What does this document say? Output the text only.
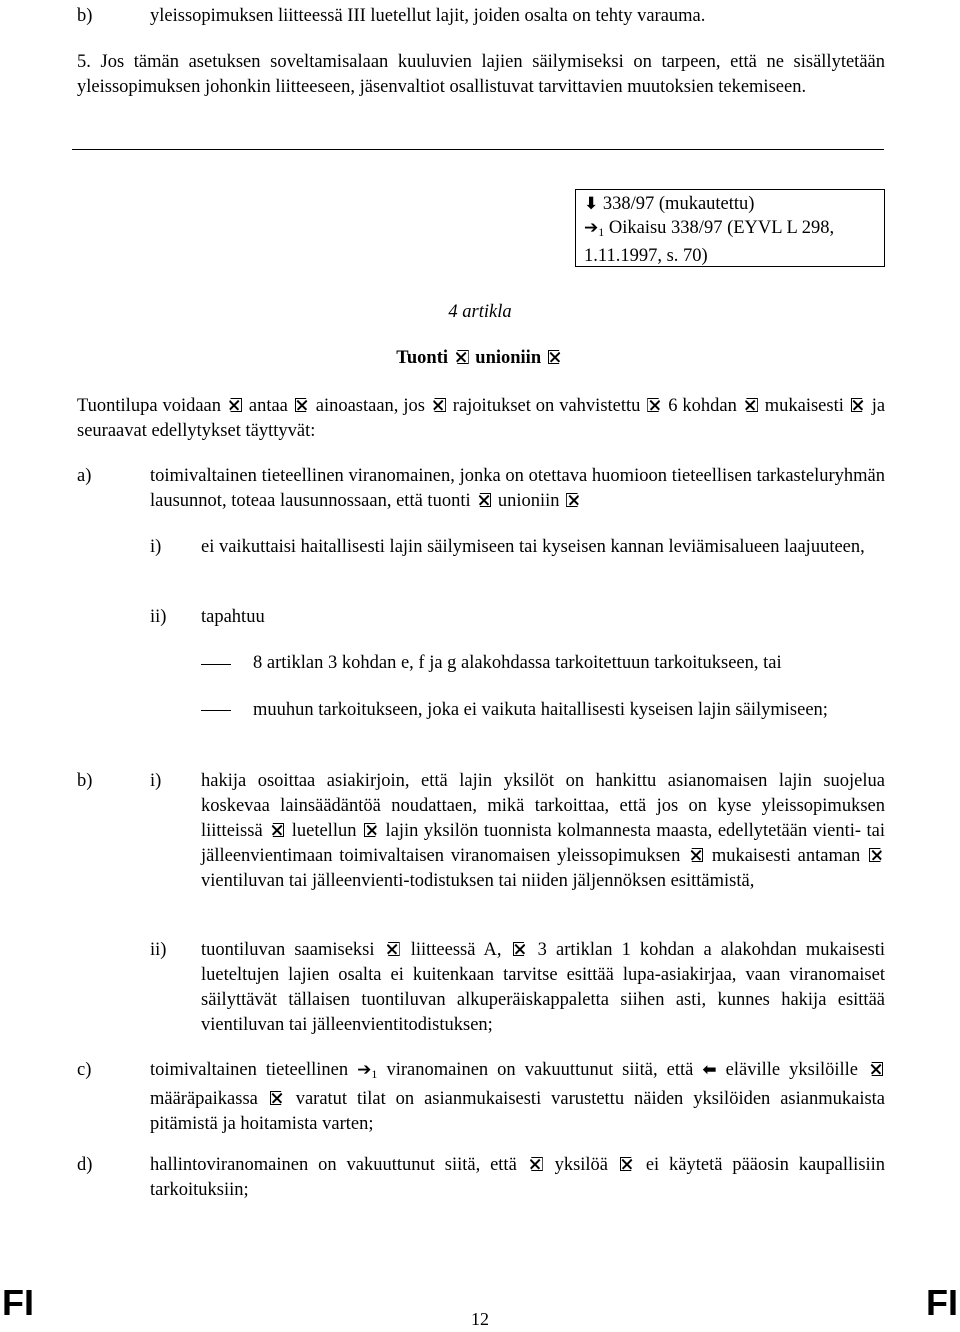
b)	yleissopimuksen liitteessä III luetellut lajit, joiden osalta on tehty varauma.
5. Jos tämän asetuksen soveltamisalaan kuuluvien lajien säilymiseksi on tarpeen, että ne sisällytetään yleissopimuksen johonkin liitteeseen, jäsenvaltiot osallistuvat tarvittavien muutoksien tekemiseen.
⬇ 338/97 (mukautettu)
$➔_1$ Oikaisu 338/97 (EYVL L 298,
1.11.1997, s. 70)
4 artikla
Tuonti unioniin
Tuontilupa voidaan antaa ainoastaan, jos rajoitukset on vahvistettu 6 kohdan mukaisesti ja seuraavat edellytykset täyttyvät:
a)	toimivaltainen tieteellinen viranomainen, jonka on otettava huomioon tieteellisen tarkasteluryhmän lausunnot, toteaa lausunnossaan, että tuonti unioniin
i) ei vaikuttaisi haitallisesti lajin säilymiseen tai kyseisen kannan leviämisalueen laajuuteen,
ii) tapahtuu
8 artiklan 3 kohdan e, f ja g alakohdassa tarkoitettuun tarkoitukseen, tai
muuhun tarkoitukseen, joka ei vaikuta haitallisesti kyseisen lajin säilymiseen;
b)	i) hakija osoittaa asiakirjoin, että lajin yksilöt on hankittu asianomaisen lajin suojelua koskevaa lainsäädäntöä noudattaen, mikä tarkoittaa, että jos on kyse yleissopimuksen liitteissä luetellun lajin yksilön tuonnista kolmannesta maasta, edellytetään vienti- tai jälleenvientimaan toimivaltaisen viranomaisen yleissopimuksen mukaisesti antaman  vientiluvan tai jälleenvienti-todistuksen tai niiden jäljennöksen esittämistä,
ii) tuontiluvan saamiseksi liitteessä A, 3 artiklan 1 kohdan a alakohdan mukaisesti lueteltujen lajien osalta ei kuitenkaan tarvitse esittää lupa-asiakirjaa, vaan viranomaiset säilyttävät tällaisen tuontiluvan alkuperäiskappaletta siihen asti, kunnes hakija esittää vientiluvan tai jälleenvientitodistuksen;
c)	toimivaltainen tieteellinen $➔_1$ viranomainen on vakuuttunut siitä, että ⬅ eläville yksilöille  määräpaikassa varatut tilat on asianmukaisesti varustettu näiden yksilöiden asianmukaista pitämistä ja hoitamista varten;
d)	hallintoviranomainen on vakuuttunut siitä, että yksilöä ei käytetä pääosin kaupallisiin tarkoituksiin;
FI	12	FI
